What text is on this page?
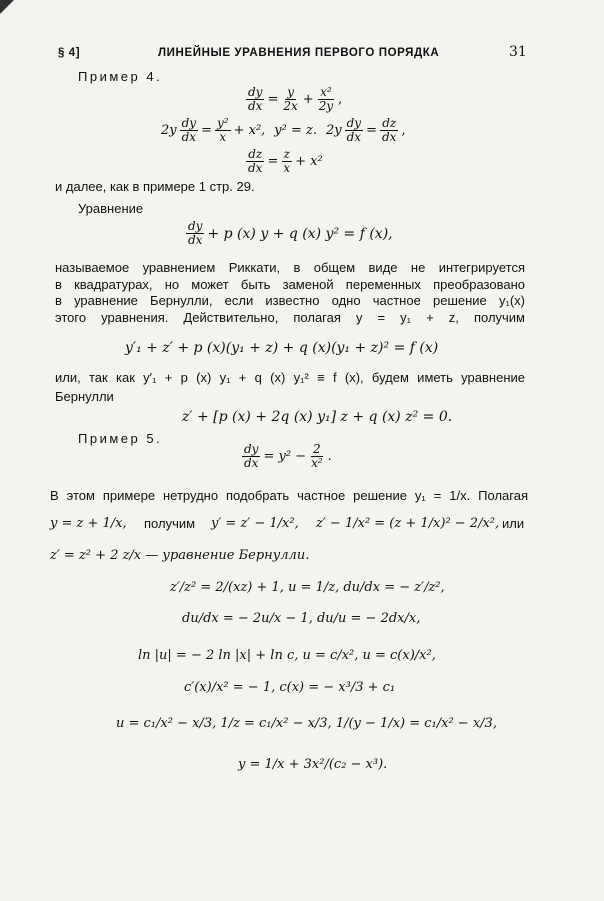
§ 4]	ЛИНЕЙНЫЕ УРАВНЕНИЯ ПЕРВОГО ПОРЯДКА	31
Пример 4.
$\frac{dy}{dx} = \frac{y}{2x} + \frac{\text{x²}}{2y}$ ,
$2y \frac{dy}{dx} = \frac{\text{y²}}{x} + x^2$, y² = z. $2y \frac{dy}{dx} = \frac{dz}{dx}$ ,
$\frac{dz}{dx} = \frac{z}{x} + x^2$
и далее, как в примере 1 стр. 29.
Уравнение
$\frac{dy}{dx} + p$ (x) y + q (x) y² = f (x),
называемое уравнением Риккати, в общем виде не интегрируется
в квадратурах, но может быть заменой переменных преобразовано
в уравнение Бернулли, если известно одно частное решение y₁(x)
этого уравнения. Действительно, полагая y = y₁ + z, получим
y′₁ + z′ + p (x)(y₁ + z) + q (x)(y₁ + z)² = f (x)
или, так как y′₁ + p (x) y₁ + q (x) y₁² ≡ f (x), будем иметь уравнение
Бернулли
z′ + [p (x) + 2q (x) y₁] z + q (x) z² = 0.
Пример 5.
$\frac{dy}{dx} = y^2 - \frac{2}{\text{x²}}$ .
В этом примере нетрудно подобрать частное решение y₁ = 1/x. Полагая
y = z + 1/x, получим y′ = z′ − 1/x², z′ − 1/x² = (z + 1/x)² − 2/x², или
z′ = z² + 2 z/x — уравнение Бернулли.
z′/z² = 2/(xz) + 1, u = 1/z, du/dx = − z′/z²,
du/dx = − 2u/x − 1, du/u = − 2dx/x,
ln |u| = − 2 ln |x| + ln c, u = c/x², u = c(x)/x²,
c′(x)/x² = − 1, c(x) = − x³/3 + c₁
u = c₁/x² − x/3, 1/z = c₁/x² − x/3, 1/(y − 1/x) = c₁/x² − x/3,
y = 1/x + 3x²/(c₂ − x³).
